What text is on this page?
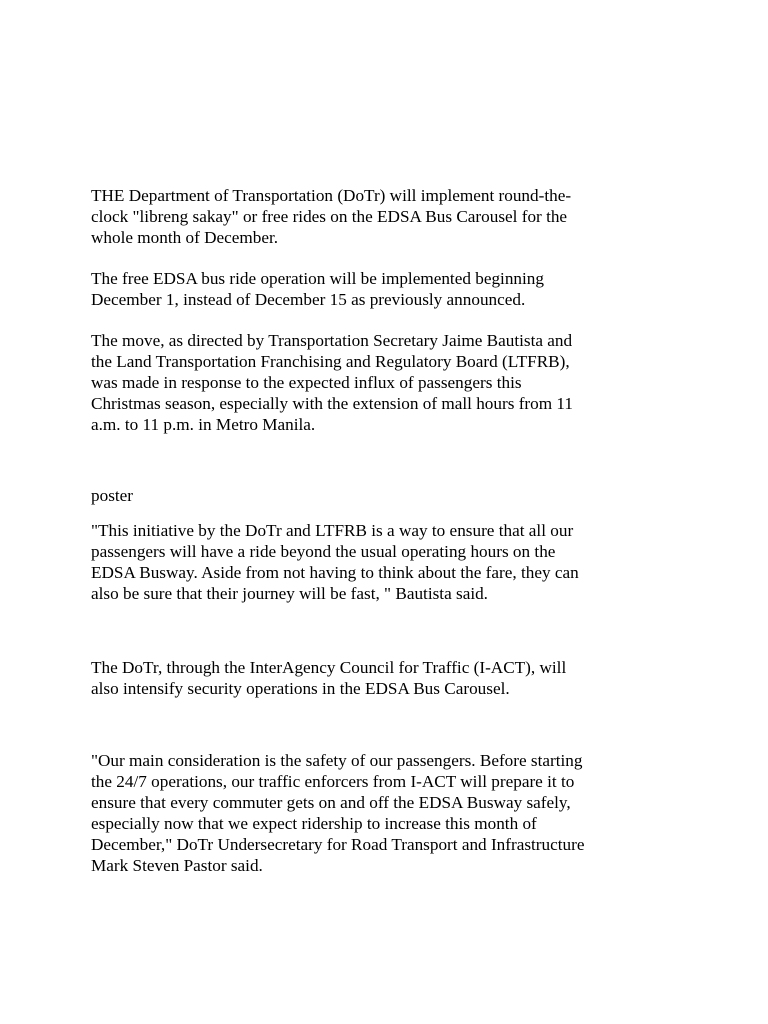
THE Department of Transportation (DoTr) will implement round-the-
clock "libreng sakay" or free rides on the EDSA Bus Carousel for the
whole month of December.

The free EDSA bus ride operation will be implemented beginning
December 1, instead of December 15 as previously announced.

The move, as directed by Transportation Secretary Jaime Bautista and
the Land Transportation Franchising and Regulatory Board (LTFRB),
was made in response to the expected influx of passengers this
Christmas season, especially with the extension of mall hours from 11
a.m. to 11 p.m. in Metro Manila.

poster

"This initiative by the DoTr and LTFRB is a way to ensure that all our
passengers will have a ride beyond the usual operating hours on the
EDSA Busway. Aside from not having to think about the fare, they can
also be sure that their journey will be fast, " Bautista said.

The DoTr, through the InterAgency Council for Traffic (I-ACT), will
also intensify security operations in the EDSA Bus Carousel.

"Our main consideration is the safety of our passengers. Before starting
the 24/7 operations, our traffic enforcers from I-ACT will prepare it to
ensure that every commuter gets on and off the EDSA Busway safely,
especially now that we expect ridership to increase this month of
December," DoTr Undersecretary for Road Transport and Infrastructure
Mark Steven Pastor said.
